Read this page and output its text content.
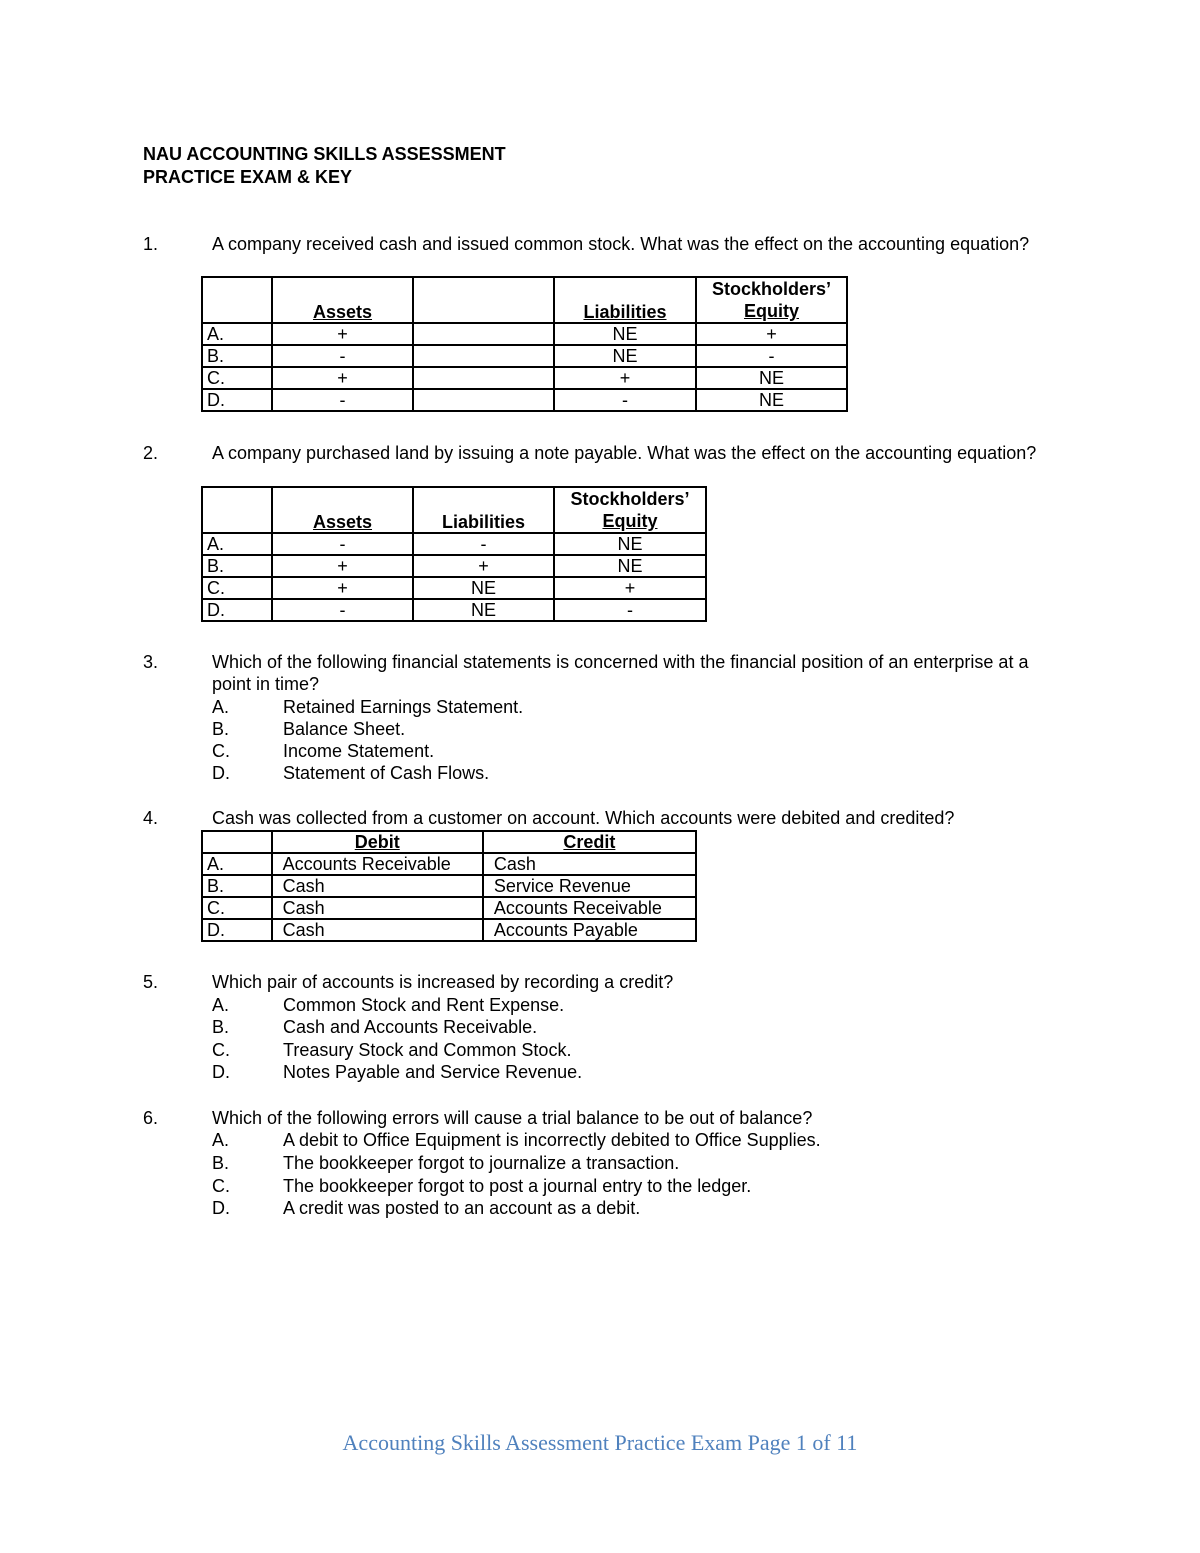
NAU ACCOUNTING SKILLS ASSESSMENT
PRACTICE EXAM & KEY
1.	A company received cash and issued common stock. What was the effect on the accounting equation?
	Assets		Liabilities	Stockholders’
Equity
A.	+		NE	+
B.	-		NE	-
C.	+		+	NE
D.	-		-	NE
2.	A company purchased land by issuing a note payable. What was the effect on the accounting equation?
	Assets	Liabilities	Stockholders’
Equity
A.	-	-	NE
B.	+	+	NE
C.	+	NE	+
D.	-	NE	-
3.	Which of the following financial statements is concerned with the financial position of an enterprise at a point in time?
A.	Retained Earnings Statement.
B.	Balance Sheet.
C.	Income Statement.
D.	Statement of Cash Flows.
4.	Cash was collected from a customer on account. Which accounts were debited and credited?
	Debit	Credit
A.	Accounts Receivable	Cash
B.	Cash	Service Revenue
C.	Cash	Accounts Receivable
D.	Cash	Accounts Payable
5.	Which pair of accounts is increased by recording a credit?
A.	Common Stock and Rent Expense.
B.	Cash and Accounts Receivable.
C.	Treasury Stock and Common Stock.
D.	Notes Payable and Service Revenue.
6.	Which of the following errors will cause a trial balance to be out of balance?
A.	A debit to Office Equipment is incorrectly debited to Office Supplies.
B.	The bookkeeper forgot to journalize a transaction.
C.	The bookkeeper forgot to post a journal entry to the ledger.
D.	A credit was posted to an account as a debit.
Accounting Skills Assessment Practice Exam Page 1 of 11
